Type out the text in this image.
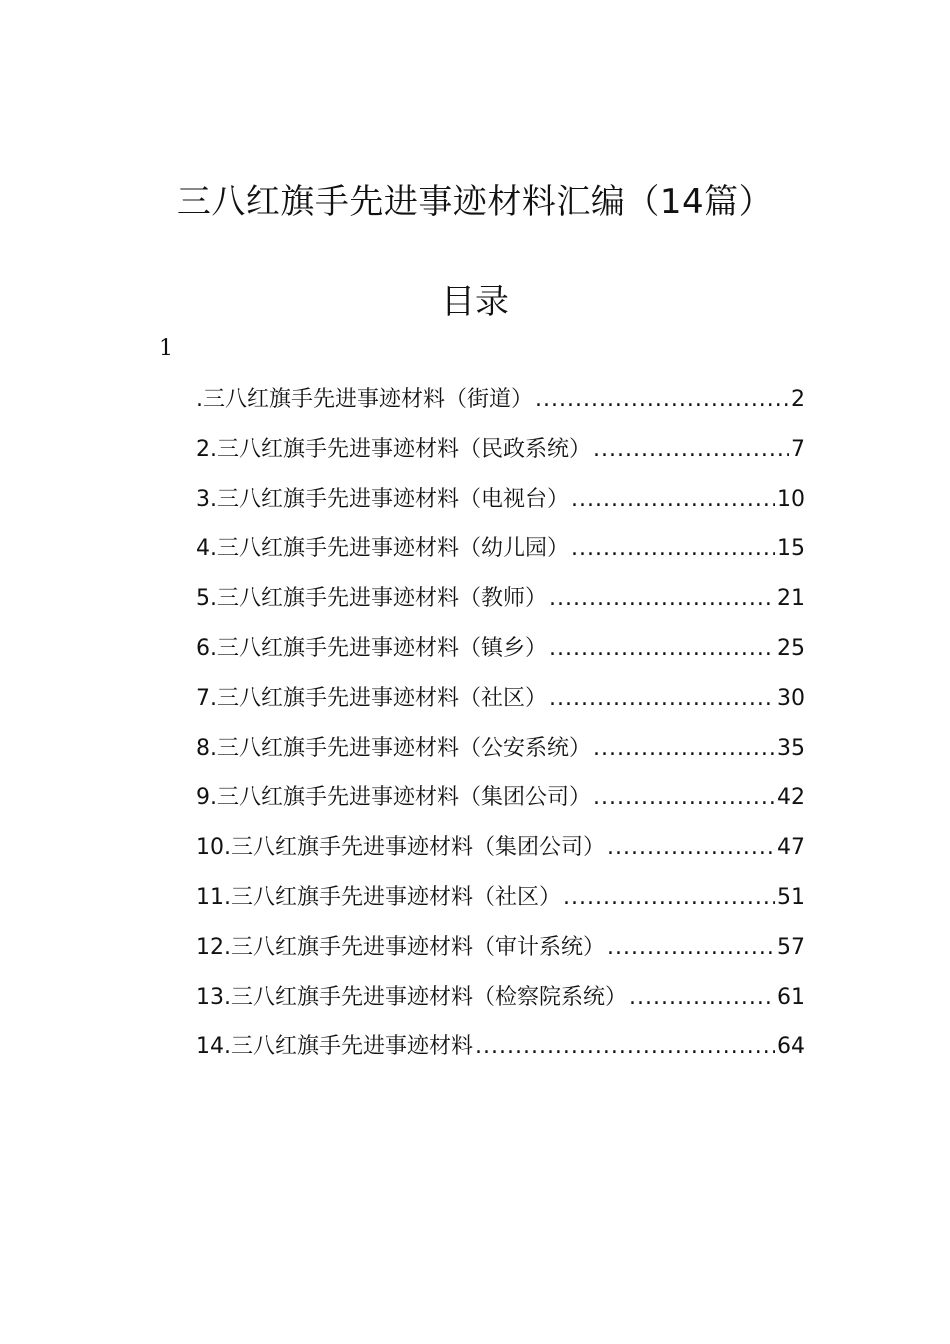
三八红旗手先进事迹材料汇编（14篇）
目录
1
.三八红旗手先进事迹材料（街道） .....	2
2.三八红旗手先进事迹材料（民政系统） .....	7
3.三八红旗手先进事迹材料（电视台） .....	10
4.三八红旗手先进事迹材料（幼儿园） .....	15
5.三八红旗手先进事迹材料（教师） .....	21
6.三八红旗手先进事迹材料（镇乡） .....	25
7.三八红旗手先进事迹材料（社区） .....	30
8.三八红旗手先进事迹材料（公安系统） .....	35
9.三八红旗手先进事迹材料（集团公司） .....	42
10.三八红旗手先进事迹材料（集团公司） .....	47
11.三八红旗手先进事迹材料（社区） .....	51
12.三八红旗手先进事迹材料（审计系统） .....	57
13.三八红旗手先进事迹材料（检察院系统） .....	61
14.三八红旗手先进事迹材料 .....	64
